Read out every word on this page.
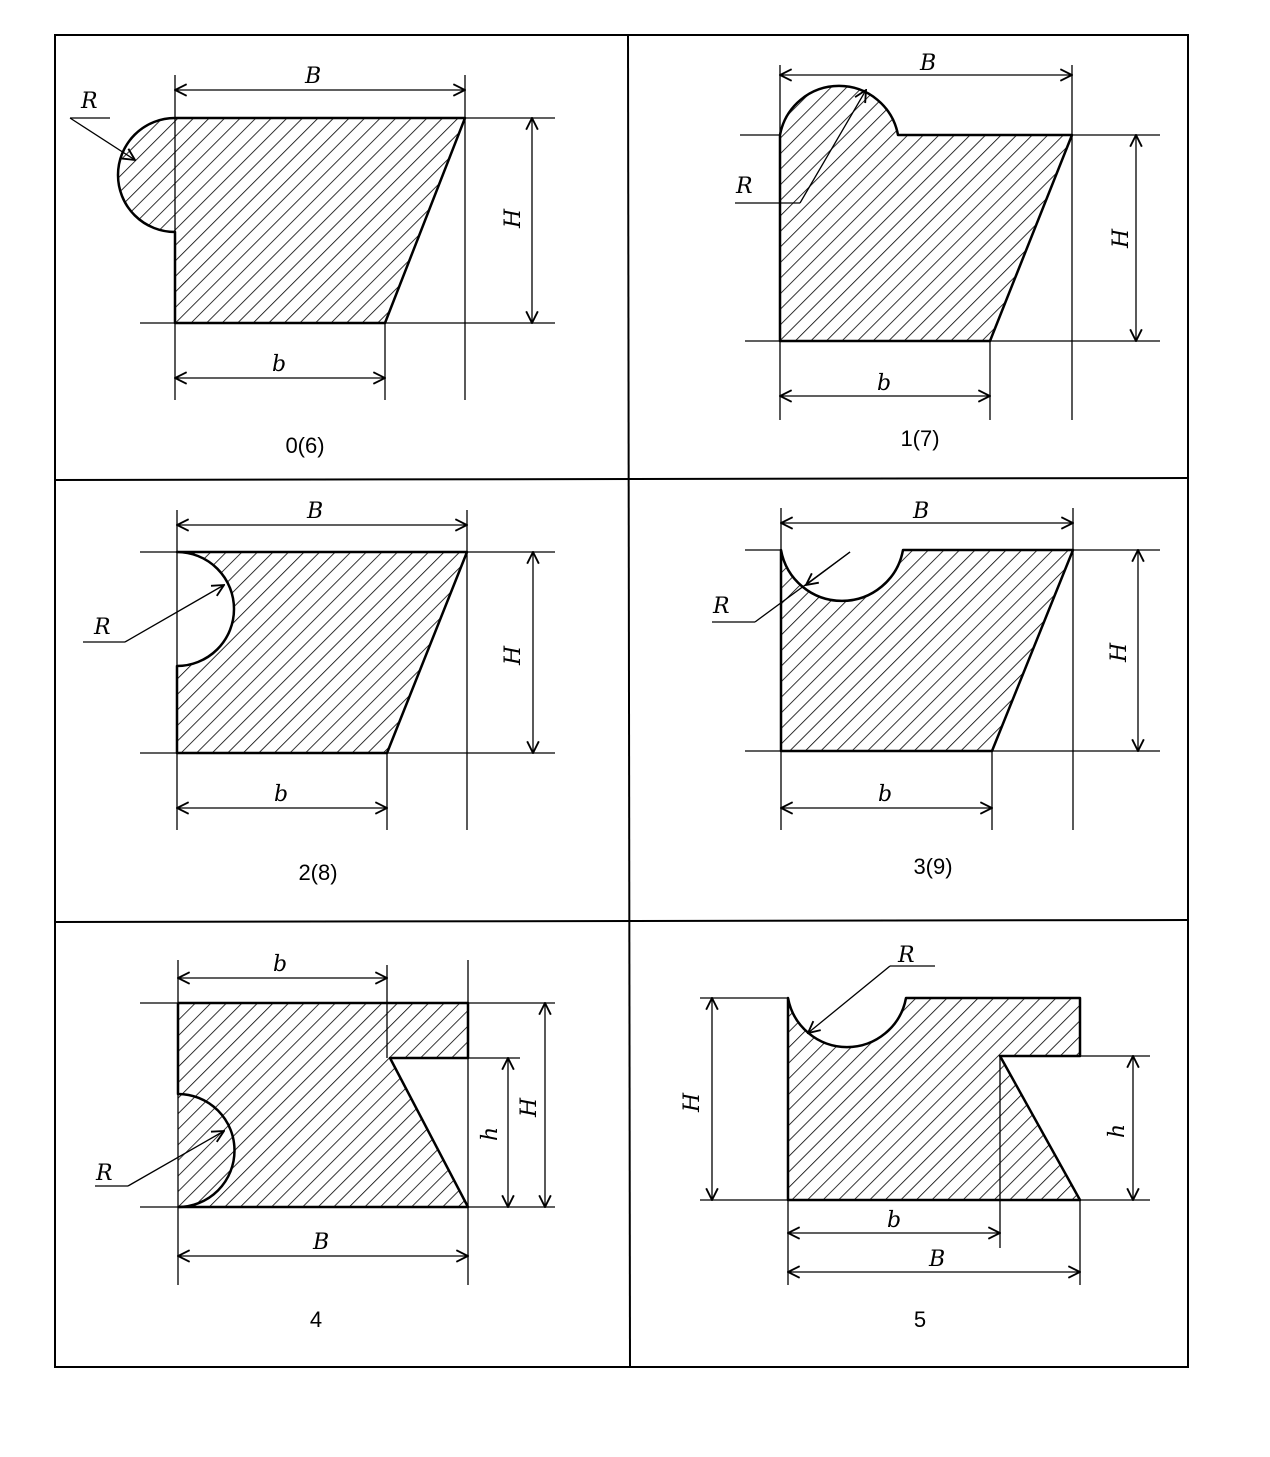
B
b
H
R
0(6)
B
b
H
R
1(7)
B
b
H
R
2(8)
B
b
H
R
3(9)
b
B
h
H
R
4
R
H
h
b
B
5
